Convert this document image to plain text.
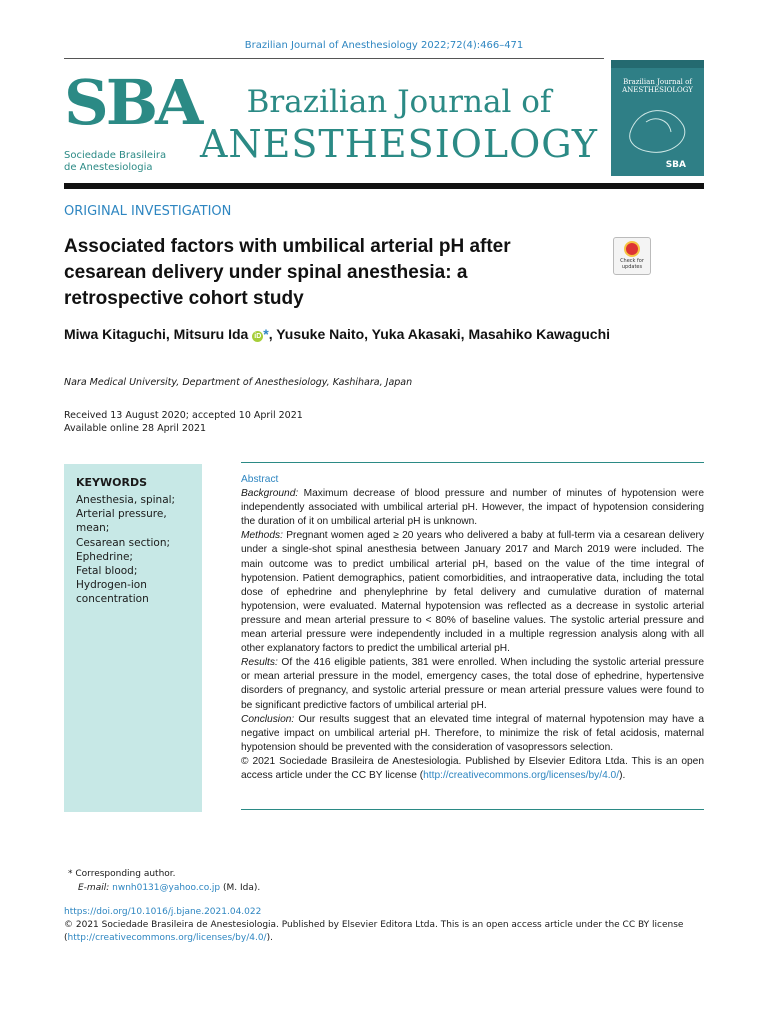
Brazilian Journal of Anesthesiology 2022;72(4):466–471
SBA
Sociedade Brasileira
de Anestesiologia
Brazilian Journal of
ANESTHESIOLOGY
Brazilian Journal of ANESTHESIOLOGY
SBA
ORIGINAL INVESTIGATION
Associated factors with umbilical arterial pH after cesarean delivery under spinal anesthesia: a retrospective cohort study
Check for updates
Miwa Kitaguchi, Mitsuru Ida iD *, Yusuke Naito, Yuka Akasaki, Masahiko Kawaguchi
Nara Medical University, Department of Anesthesiology, Kashihara, Japan
Received 13 August 2020; accepted 10 April 2021
Available online 28 April 2021
KEYWORDS
Anesthesia, spinal;
Arterial pressure,
mean;
Cesarean section;
Ephedrine;
Fetal blood;
Hydrogen-ion
concentration
Abstract

Background: Maximum decrease of blood pressure and number of minutes of hypotension were independently associated with umbilical arterial pH. However, the impact of hypotension considering the duration of it on umbilical arterial pH is unknown.

Methods: Pregnant women aged ≥ 20 years who delivered a baby at full-term via a cesarean delivery under a single-shot spinal anesthesia between January 2017 and March 2019 were included. The main outcome was to predict umbilical arterial pH, based on the value of the time integral of hypotension. Patient demographics, patient comorbidities, and intraoperative data, including the total dose of ephedrine and phenylephrine by fetal delivery and cumulative duration of maternal hypotension, were evaluated. Maternal hypotension was reflected as a decrease in systolic arterial pressure and mean arterial pressure to < 80% of baseline values. The systolic arterial pressure and mean arterial pressure were independently included in a multiple regression analysis along with all other explanatory factors to predict the umbilical arterial pH.

Results: Of the 416 eligible patients, 381 were enrolled. When including the systolic arterial pressure or mean arterial pressure in the model, emergency cases, the total dose of ephedrine, hypertensive disorders of pregnancy, and systolic arterial pressure or mean arterial pressure values were found to be significant predictive factors of umbilical arterial pH.

Conclusion: Our results suggest that an elevated time integral of maternal hypotension may have a negative impact on umbilical arterial pH. Therefore, to minimize the risk of fetal acidosis, maternal hypotension should be prevented with the consideration of vasopressors selection.

© 2021 Sociedade Brasileira de Anestesiologia. Published by Elsevier Editora Ltda. This is an open access article under the CC BY license (http://creativecommons.org/licenses/by/4.0/).

* Corresponding author.
E-mail: nwnh0131@yahoo.co.jp (M. Ida).
https://doi.org/10.1016/j.bjane.2021.04.022
© 2021 Sociedade Brasileira de Anestesiologia. Published by Elsevier Editora Ltda. This is an open access article under the CC BY license (http://creativecommons.org/licenses/by/4.0/).
